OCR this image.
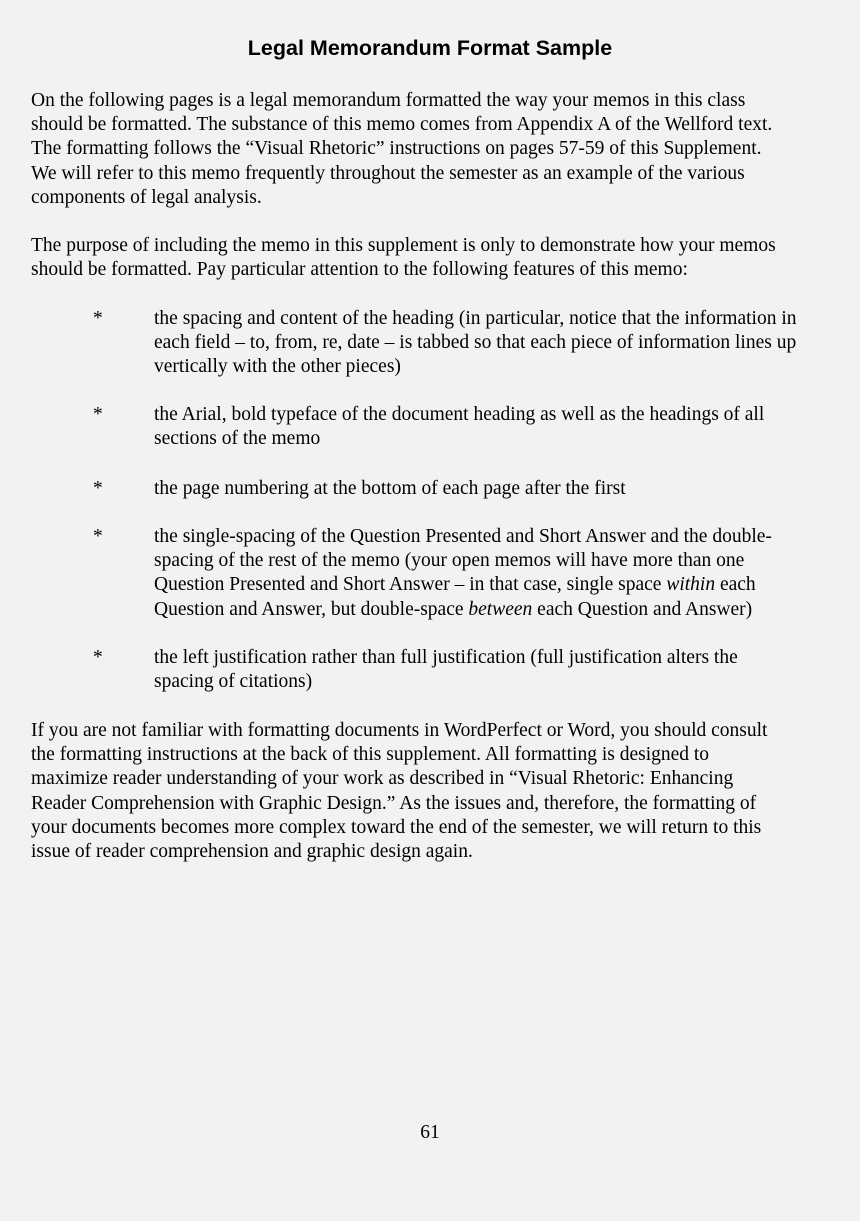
Legal Memorandum Format Sample
On the following pages is a legal memorandum formatted the way your memos in this class
should be formatted. The substance of this memo comes from Appendix A of the Wellford text.
The formatting follows the “Visual Rhetoric” instructions on pages 57-59 of this Supplement.
We will refer to this memo frequently throughout the semester as an example of the various
components of legal analysis.
The purpose of including the memo in this supplement is only to demonstrate how your memos
should be formatted. Pay particular attention to the following features of this memo:
*	the spacing and content of the heading (in particular, notice that the information in
each field – to, from, re, date – is tabbed so that each piece of information lines up
vertically with the other pieces)
*	the Arial, bold typeface of the document heading as well as the headings of all
sections of the memo
*	the page numbering at the bottom of each page after the first
*	the single-spacing of the Question Presented and Short Answer and the double-
spacing of the rest of the memo (your open memos will have more than one
Question Presented and Short Answer – in that case, single space within each
Question and Answer, but double-space between each Question and Answer)
*	the left justification rather than full justification (full justification alters the
spacing of citations)
If you are not familiar with formatting documents in WordPerfect or Word, you should consult
the formatting instructions at the back of this supplement. All formatting is designed to
maximize reader understanding of your work as described in “Visual Rhetoric: Enhancing
Reader Comprehension with Graphic Design.” As the issues and, therefore, the formatting of
your documents becomes more complex toward the end of the semester, we will return to this
issue of reader comprehension and graphic design again.
61
